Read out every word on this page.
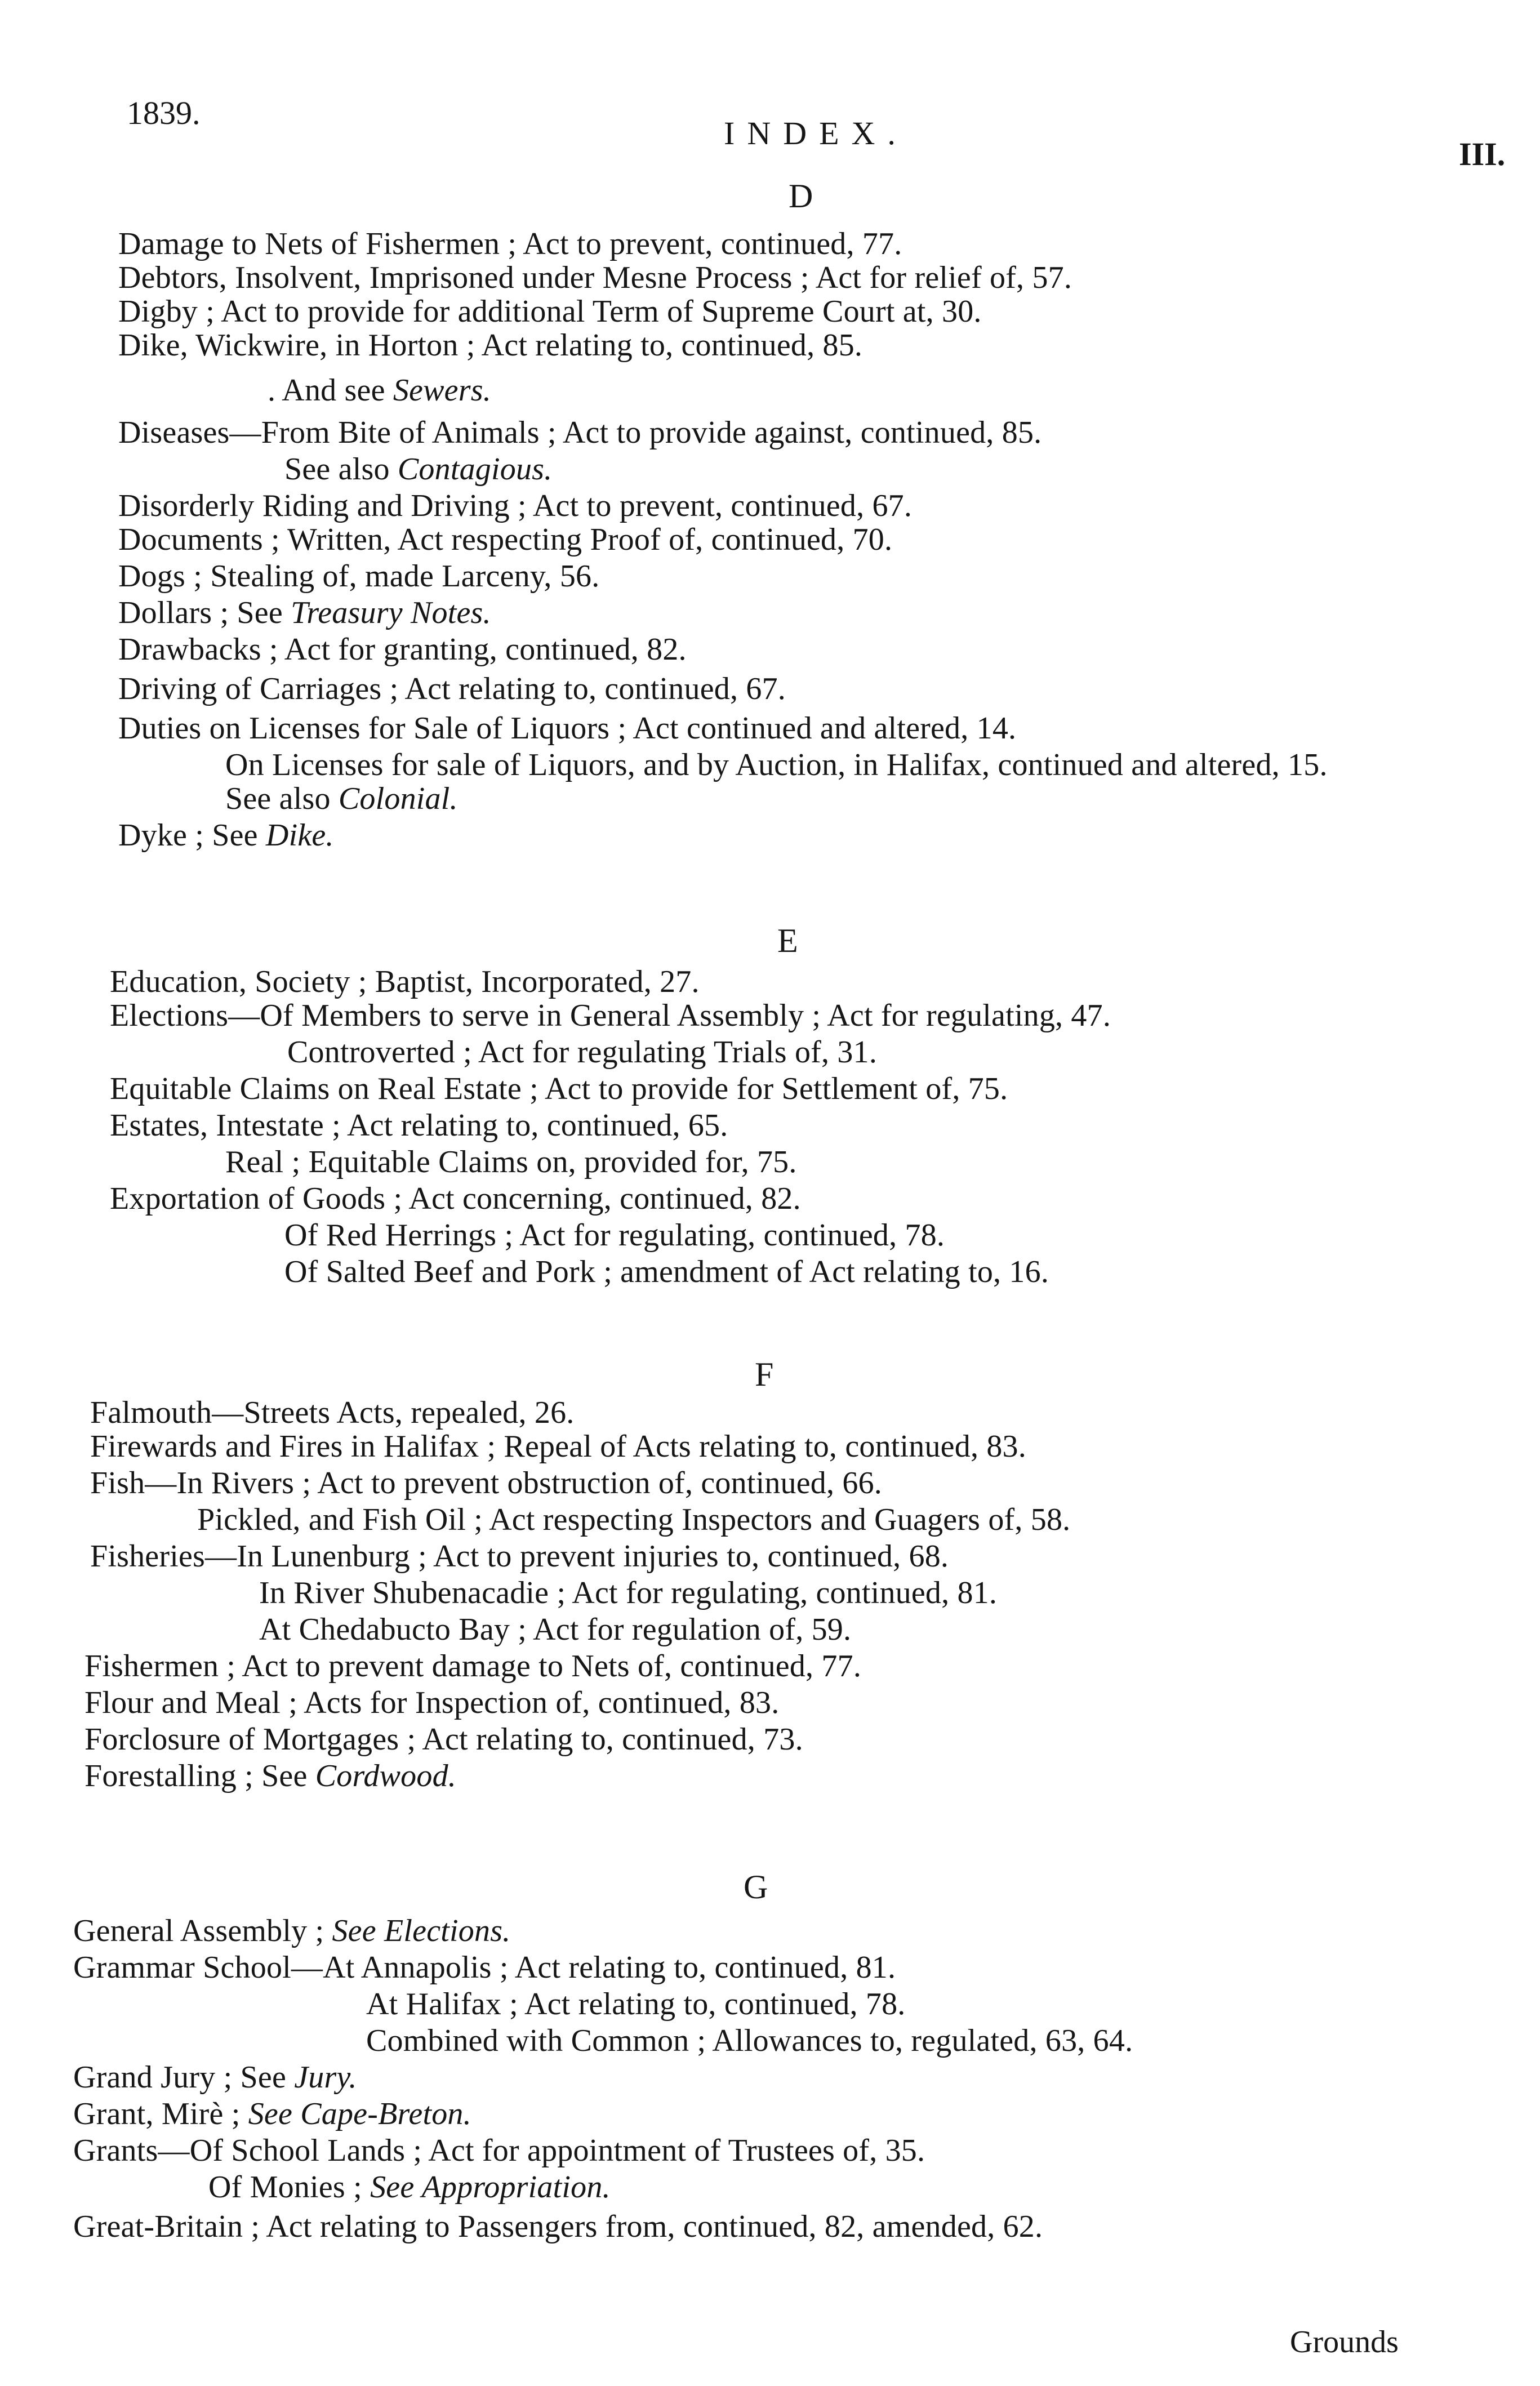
1839.
INDEX.
III.
D
Damage to Nets of Fishermen ; Act to prevent, continued, 77.
Debtors, Insolvent, Imprisoned under Mesne Process ; Act for relief of, 57.
Digby ; Act to provide for additional Term of Supreme Court at, 30.
Dike, Wickwire, in Horton ; Act relating to, continued, 85.
. And see Sewers.
Diseases—From Bite of Animals ; Act to provide against, continued, 85.
See also Contagious.
Disorderly Riding and Driving ; Act to prevent, continued, 67.
Documents ; Written, Act respecting Proof of, continued, 70.
Dogs ; Stealing of, made Larceny, 56.
Dollars ; See Treasury Notes.
Drawbacks ; Act for granting, continued, 82.
Driving of Carriages ; Act relating to, continued, 67.
Duties on Licenses for Sale of Liquors ; Act continued and altered, 14.
On Licenses for sale of Liquors, and by Auction, in Halifax, continued and altered, 15.
See also Colonial.
Dyke ; See Dike.
E
Education, Society ; Baptist, Incorporated, 27.
Elections—Of Members to serve in General Assembly ; Act for regulating, 47.
Controverted ; Act for regulating Trials of, 31.
Equitable Claims on Real Estate ; Act to provide for Settlement of, 75.
Estates, Intestate ; Act relating to, continued, 65.
Real ; Equitable Claims on, provided for, 75.
Exportation of Goods ; Act concerning, continued, 82.
Of Red Herrings ; Act for regulating, continued, 78.
Of Salted Beef and Pork ; amendment of Act relating to, 16.
F
Falmouth—Streets Acts, repealed, 26.
Firewards and Fires in Halifax ; Repeal of Acts relating to, continued, 83.
Fish—In Rivers ; Act to prevent obstruction of, continued, 66.
Pickled, and Fish Oil ; Act respecting Inspectors and Guagers of, 58.
Fisheries—In Lunenburg ; Act to prevent injuries to, continued, 68.
In River Shubenacadie ; Act for regulating, continued, 81.
At Chedabucto Bay ; Act for regulation of, 59.
Fishermen ; Act to prevent damage to Nets of, continued, 77.
Flour and Meal ; Acts for Inspection of, continued, 83.
Forclosure of Mortgages ; Act relating to, continued, 73.
Forestalling ; See Cordwood.
G
General Assembly ; See Elections.
Grammar School—At Annapolis ; Act relating to, continued, 81.
At Halifax ; Act relating to, continued, 78.
Combined with Common ; Allowances to, regulated, 63, 64.
Grand Jury ; See Jury.
Grant, Mirè ; See Cape-Breton.
Grants—Of School Lands ; Act for appointment of Trustees of, 35.
Of Monies ; See Appropriation.
Great-Britain ; Act relating to Passengers from, continued, 82, amended, 62.
Grounds
